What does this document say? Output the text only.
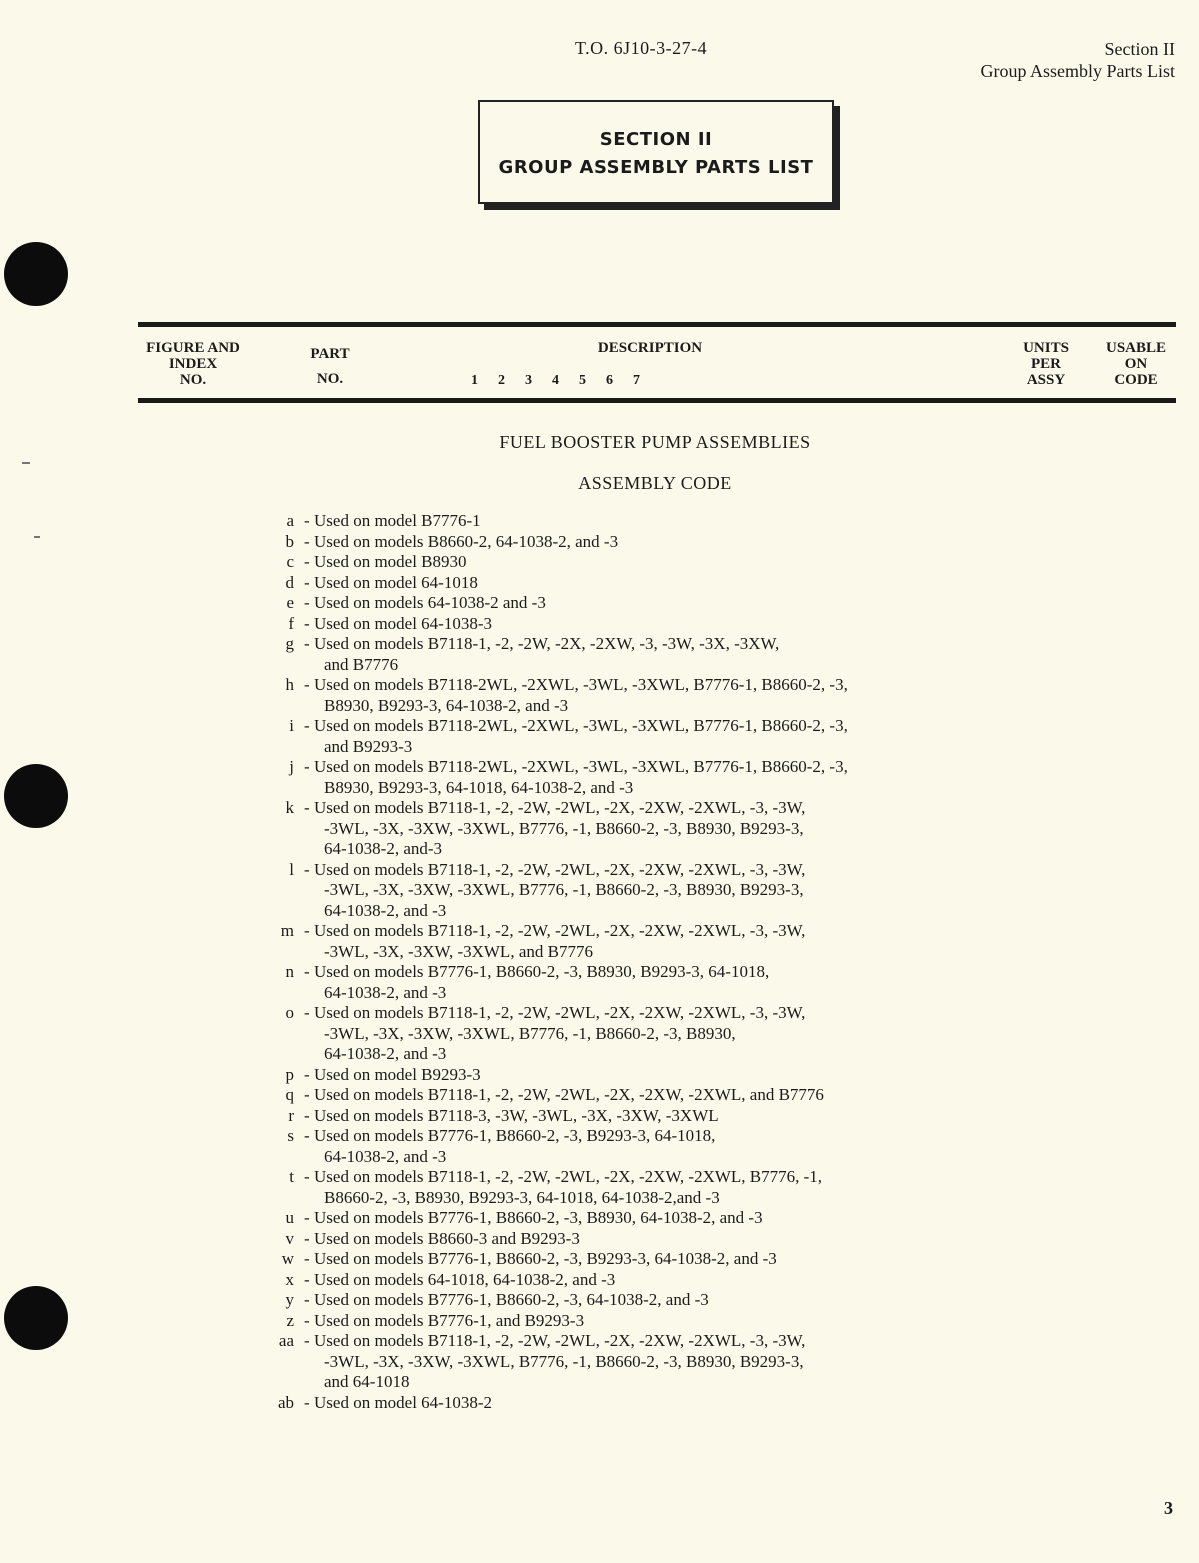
T.O. 6J10-3-27-4	Section II
Group Assembly Parts List
SECTION II
GROUP ASSEMBLY PARTS LIST
FIGURE AND
INDEX
NO.
PART
NO.
DESCRIPTION
1 2 3 4 5 6 7
UNITS
PER
ASSY
USABLE
ON
CODE
FUEL BOOSTER PUMP ASSEMBLIES
ASSEMBLY CODE
a - Used on model B7776-1
b - Used on models B8660-2, 64-1038-2, and -3
c - Used on model B8930
d - Used on model 64-1018
e - Used on models 64-1038-2 and -3
f - Used on model 64-1038-3
g - Used on models B7118-1, -2, -2W, -2X, -2XW, -3, -3W, -3X, -3XW,
and B7776
h - Used on models B7118-2WL, -2XWL, -3WL, -3XWL, B7776-1, B8660-2, -3,
B8930, B9293-3, 64-1038-2, and -3
i - Used on models B7118-2WL, -2XWL, -3WL, -3XWL, B7776-1, B8660-2, -3,
and B9293-3
j - Used on models B7118-2WL, -2XWL, -3WL, -3XWL, B7776-1, B8660-2, -3,
B8930, B9293-3, 64-1018, 64-1038-2, and -3
k - Used on models B7118-1, -2, -2W, -2WL, -2X, -2XW, -2XWL, -3, -3W,
-3WL, -3X, -3XW, -3XWL, B7776, -1, B8660-2, -3, B8930, B9293-3,
64-1038-2, and-3
l - Used on models B7118-1, -2, -2W, -2WL, -2X, -2XW, -2XWL, -3, -3W,
-3WL, -3X, -3XW, -3XWL, B7776, -1, B8660-2, -3, B8930, B9293-3,
64-1038-2, and -3
m - Used on models B7118-1, -2, -2W, -2WL, -2X, -2XW, -2XWL, -3, -3W,
-3WL, -3X, -3XW, -3XWL, and B7776
n - Used on models B7776-1, B8660-2, -3, B8930, B9293-3, 64-1018,
64-1038-2, and -3
o - Used on models B7118-1, -2, -2W, -2WL, -2X, -2XW, -2XWL, -3, -3W,
-3WL, -3X, -3XW, -3XWL, B7776, -1, B8660-2, -3, B8930,
64-1038-2, and -3
p - Used on model B9293-3
q - Used on models B7118-1, -2, -2W, -2WL, -2X, -2XW, -2XWL, and B7776
r - Used on models B7118-3, -3W, -3WL, -3X, -3XW, -3XWL
s - Used on models B7776-1, B8660-2, -3, B9293-3, 64-1018,
64-1038-2, and -3
t - Used on models B7118-1, -2, -2W, -2WL, -2X, -2XW, -2XWL, B7776, -1,
B8660-2, -3, B8930, B9293-3, 64-1018, 64-1038-2,and -3
u - Used on models B7776-1, B8660-2, -3, B8930, 64-1038-2, and -3
v - Used on models B8660-3 and B9293-3
w - Used on models B7776-1, B8660-2, -3, B9293-3, 64-1038-2, and -3
x - Used on models 64-1018, 64-1038-2, and -3
y - Used on models B7776-1, B8660-2, -3, 64-1038-2, and -3
z - Used on models B7776-1, and B9293-3
aa - Used on models B7118-1, -2, -2W, -2WL, -2X, -2XW, -2XWL, -3, -3W,
-3WL, -3X, -3XW, -3XWL, B7776, -1, B8660-2, -3, B8930, B9293-3,
and 64-1018
ab - Used on model 64-1038-2
3
